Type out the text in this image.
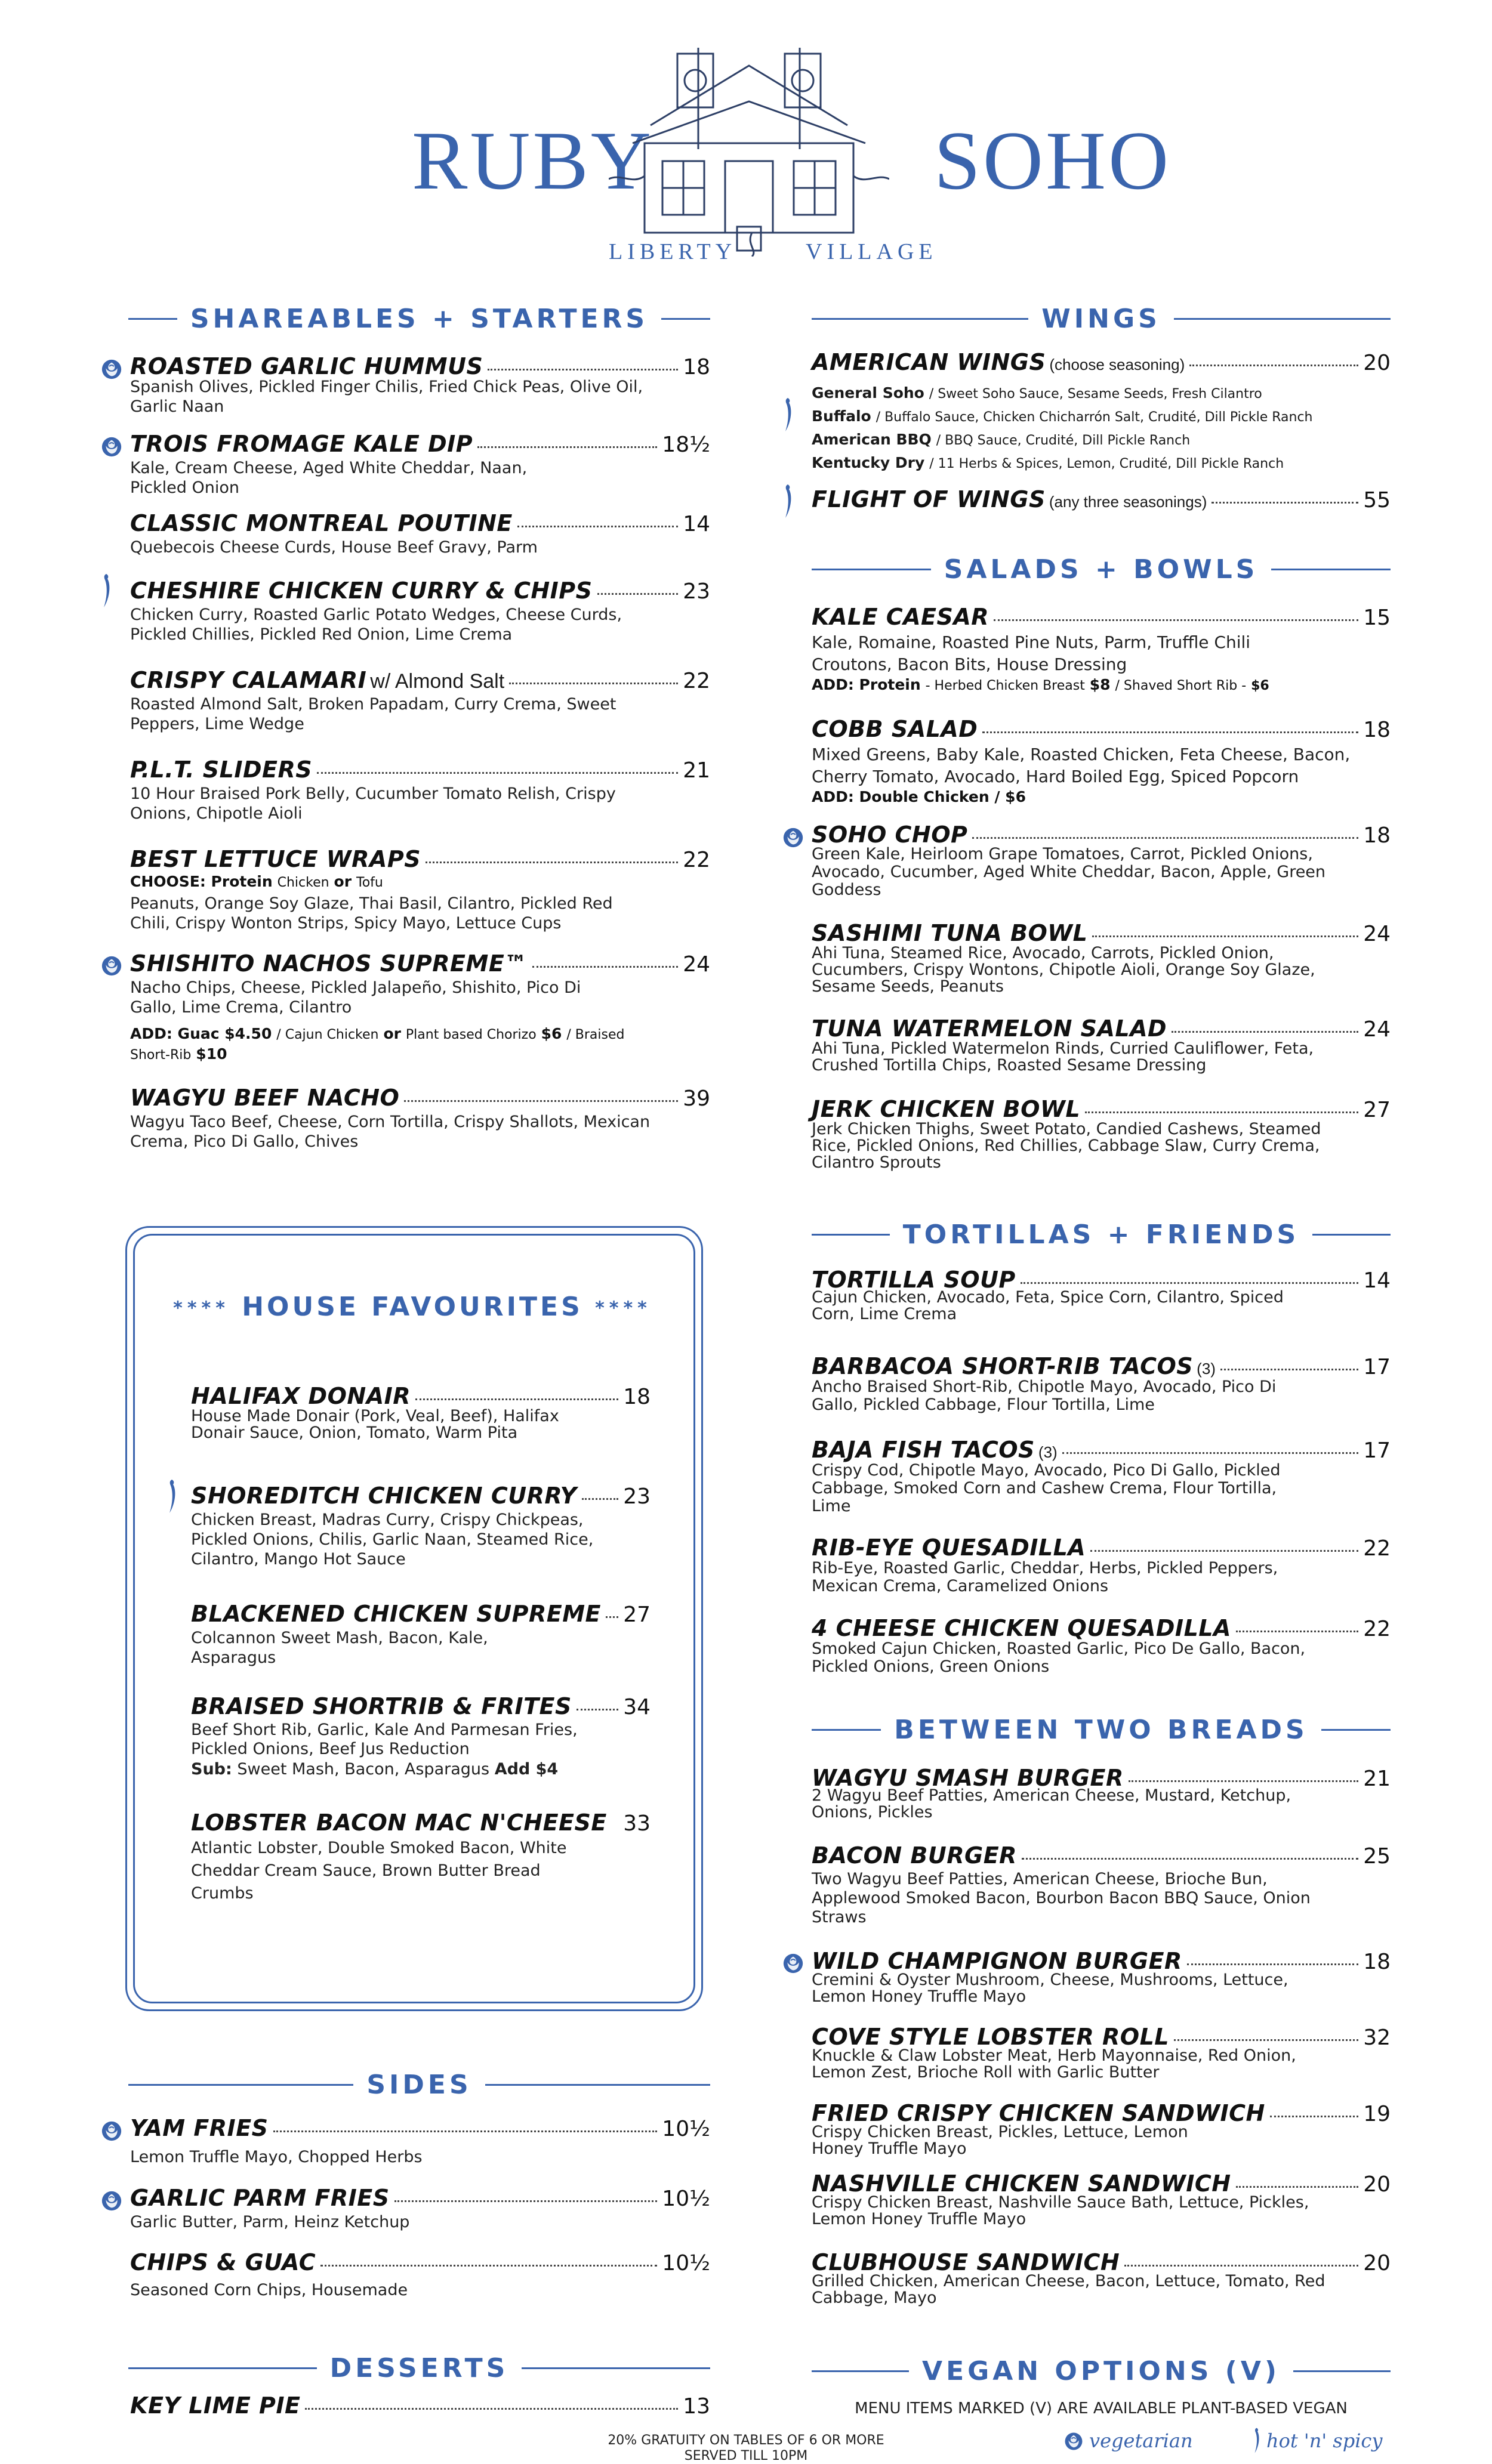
RUBY	SOHO
LIBERTY	VILLAGE
SHAREABLES + STARTERS	WINGS
SALADS + BOWLS
TORTILLAS + FRIENDS
BETWEEN TWO BREADS
SIDES
DESSERTS	VEGAN OPTIONS (V)
ROASTED GARLIC HUMMUS	18
Spanish Olives, Pickled Finger Chilis, Fried Chick Peas, Olive Oil, Garlic Naan
TROIS FROMAGE KALE DIP	18½
Kale, Cream Cheese, Aged White Cheddar, Naan, Pickled Onion
CLASSIC MONTREAL POUTINE	14
Quebecois Cheese Curds, House Beef Gravy, Parm
CHESHIRE CHICKEN CURRY & CHIPS	23
Chicken Curry, Roasted Garlic Potato Wedges, Cheese Curds, Pickled Chillies, Pickled Red Onion, Lime Crema
CRISPY CALAMARI w/ Almond Salt	22
Roasted Almond Salt, Broken Papadam, Curry Crema, Sweet Peppers, Lime Wedge
P.L.T. SLIDERS	21
10 Hour Braised Pork Belly, Cucumber Tomato Relish, Crispy Onions, Chipotle Aioli
BEST LETTUCE WRAPS	22
CHOOSE: Protein Chicken or Tofu
Peanuts, Orange Soy Glaze, Thai Basil, Cilantro, Pickled Red Chili, Crispy Wonton Strips, Spicy Mayo, Lettuce Cups
SHISHITO NACHOS SUPREME™	24
Nacho Chips, Cheese, Pickled Jalapeño, Shishito, Pico Di Gallo, Lime Crema, Cilantro
ADD: Guac $4.50 / Cajun Chicken or Plant based Chorizo $6 / Braised Short-Rib $10
WAGYU BEEF NACHO	39
Wagyu Taco Beef, Cheese, Corn Tortilla, Crispy Shallots, Mexican Crema, Pico Di Gallo, Chives
AMERICAN WINGS (choose seasoning)	20
General Soho / Sweet Soho Sauce, Sesame Seeds, Fresh Cilantro
Buffalo / Buffalo Sauce, Chicken Chicharrón Salt, Crudité, Dill Pickle Ranch
American BBQ / BBQ Sauce, Crudité, Dill Pickle Ranch
Kentucky Dry / 11 Herbs & Spices, Lemon, Crudité, Dill Pickle Ranch
FLIGHT OF WINGS (any three seasonings)	55
KALE CAESAR	15
Kale, Romaine, Roasted Pine Nuts, Parm, Truffle Chili Croutons, Bacon Bits, House Dressing
ADD: Protein - Herbed Chicken Breast $8 / Shaved Short Rib - $6
COBB SALAD	18
Mixed Greens, Baby Kale, Roasted Chicken, Feta Cheese, Bacon, Cherry Tomato, Avocado, Hard Boiled Egg, Spiced Popcorn
ADD: Double Chicken / $6
SOHO CHOP	18
Green Kale, Heirloom Grape Tomatoes, Carrot, Pickled Onions, Avocado, Cucumber, Aged White Cheddar, Bacon, Apple, Green Goddess
SASHIMI TUNA BOWL	24
Ahi Tuna, Steamed Rice, Avocado, Carrots, Pickled Onion, Cucumbers, Crispy Wontons, Chipotle Aioli, Orange Soy Glaze, Sesame Seeds, Peanuts
TUNA WATERMELON SALAD	24
Ahi Tuna, Pickled Watermelon Rinds, Curried Cauliflower, Feta, Crushed Tortilla Chips, Roasted Sesame Dressing
JERK CHICKEN BOWL	27
Jerk Chicken Thighs, Sweet Potato, Candied Cashews, Steamed Rice, Pickled Onions, Red Chillies, Cabbage Slaw, Curry Crema, Cilantro Sprouts
TORTILLA SOUP	14
Cajun Chicken, Avocado, Feta, Spice Corn, Cilantro, Spiced Corn, Lime Crema
BARBACOA SHORT-RIB TACOS (3)	17
Ancho Braised Short-Rib, Chipotle Mayo, Avocado, Pico Di Gallo, Pickled Cabbage, Flour Tortilla, Lime
BAJA FISH TACOS (3)	17
Crispy Cod, Chipotle Mayo, Avocado, Pico Di Gallo, Pickled Cabbage, Smoked Corn and Cashew Crema, Flour Tortilla, Lime
RIB-EYE QUESADILLA	22
Rib-Eye, Roasted Garlic, Cheddar, Herbs, Pickled Peppers, Mexican Crema, Caramelized Onions
4 CHEESE CHICKEN QUESADILLA	22
Smoked Cajun Chicken, Roasted Garlic, Pico De Gallo, Bacon, Pickled Onions, Green Onions
WAGYU SMASH BURGER	21
2 Wagyu Beef Patties, American Cheese, Mustard, Ketchup, Onions, Pickles
BACON BURGER	25
Two Wagyu Beef Patties, American Cheese, Brioche Bun, Applewood Smoked Bacon, Bourbon Bacon BBQ Sauce, Onion Straws
WILD CHAMPIGNON BURGER	18
Cremini & Oyster Mushroom, Cheese, Mushrooms, Lettuce, Lemon Honey Truffle Mayo
COVE STYLE LOBSTER ROLL	32
Knuckle & Claw Lobster Meat, Herb Mayonnaise, Red Onion, Lemon Zest, Brioche Roll with Garlic Butter
FRIED CRISPY CHICKEN SANDWICH	19
Crispy Chicken Breast, Pickles, Lettuce, Lemon Honey Truffle Mayo
NASHVILLE CHICKEN SANDWICH	20
Crispy Chicken Breast, Nashville Sauce Bath, Lettuce, Pickles, Lemon Honey Truffle Mayo
CLUBHOUSE SANDWICH	20
Grilled Chicken, American Cheese, Bacon, Lettuce, Tomato, Red Cabbage, Mayo
**** HOUSE FAVOURITES ****
HALIFAX DONAIR	18
House Made Donair (Pork, Veal, Beef), Halifax Donair Sauce, Onion, Tomato, Warm Pita
SHOREDITCH CHICKEN CURRY 23
Chicken Breast, Madras Curry, Crispy Chickpeas, Pickled Onions, Chilis, Garlic Naan, Steamed Rice, Cilantro, Mango Hot Sauce
BLACKENED CHICKEN SUPREME 27
Colcannon Sweet Mash, Bacon, Kale, Asparagus
BRAISED SHORTRIB & FRITES 34
Beef Short Rib, Garlic, Kale And Parmesan Fries, Pickled Onions, Beef Jus Reduction
Sub: Sweet Mash, Bacon, Asparagus Add $4
LOBSTER BACON MAC N'CHEESE 33
Atlantic Lobster, Double Smoked Bacon, White Cheddar Cream Sauce, Brown Butter Bread Crumbs
YAM FRIES	10½
Lemon Truffle Mayo, Chopped Herbs
GARLIC PARM FRIES	10½
Garlic Butter, Parm, Heinz Ketchup
CHIPS & GUAC	10½
Seasoned Corn Chips, Housemade
KEY LIME PIE	13	MENU ITEMS MARKED (V) ARE AVAILABLE PLANT-BASED VEGAN
20% GRATUITY ON TABLES OF 6 OR MORE
SERVED TILL 10PM
vegetarian	hot 'n' spicy
